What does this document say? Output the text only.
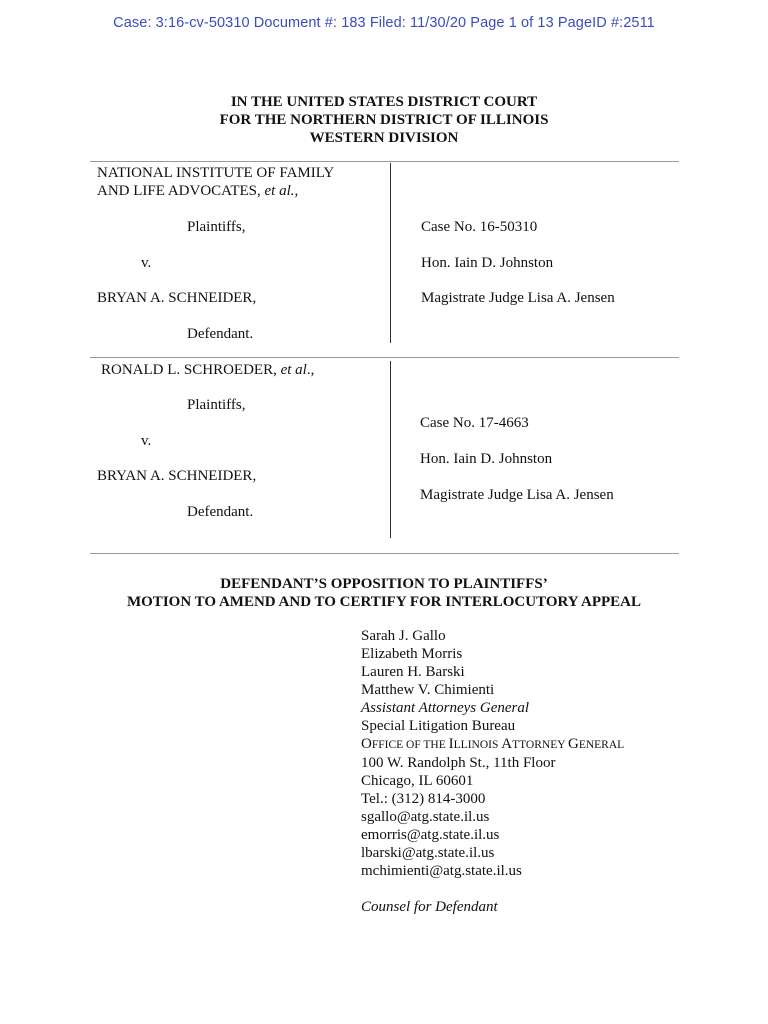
Case: 3:16-cv-50310 Document #: 183 Filed: 11/30/20 Page 1 of 13 PageID #:2511
IN THE UNITED STATES DISTRICT COURT
FOR THE NORTHERN DISTRICT OF ILLINOIS
WESTERN DIVISION
NATIONAL INSTITUTE OF FAMILY
AND LIFE ADVOCATES, et al.,
Plaintiffs,
v.
BRYAN A. SCHNEIDER,
Defendant.
Case No. 16-50310
Hon. Iain D. Johnston
Magistrate Judge Lisa A. Jensen
RONALD L. SCHROEDER, et al.,
Plaintiffs,
v.
BRYAN A. SCHNEIDER,
Defendant.
Case No. 17-4663
Hon. Iain D. Johnston
Magistrate Judge Lisa A. Jensen
DEFENDANT’S OPPOSITION TO PLAINTIFFS’
MOTION TO AMEND AND TO CERTIFY FOR INTERLOCUTORY APPEAL
Sarah J. Gallo
Elizabeth Morris
Lauren H. Barski
Matthew V. Chimienti
Assistant Attorneys General
Special Litigation Bureau
OFFICE OF THE ILLINOIS ATTORNEY GENERAL
100 W. Randolph St., 11th Floor
Chicago, IL 60601
Tel.: (312) 814-3000
sgallo@atg.state.il.us
emorris@atg.state.il.us
lbarski@atg.state.il.us
mchimienti@atg.state.il.us
Counsel for Defendant
